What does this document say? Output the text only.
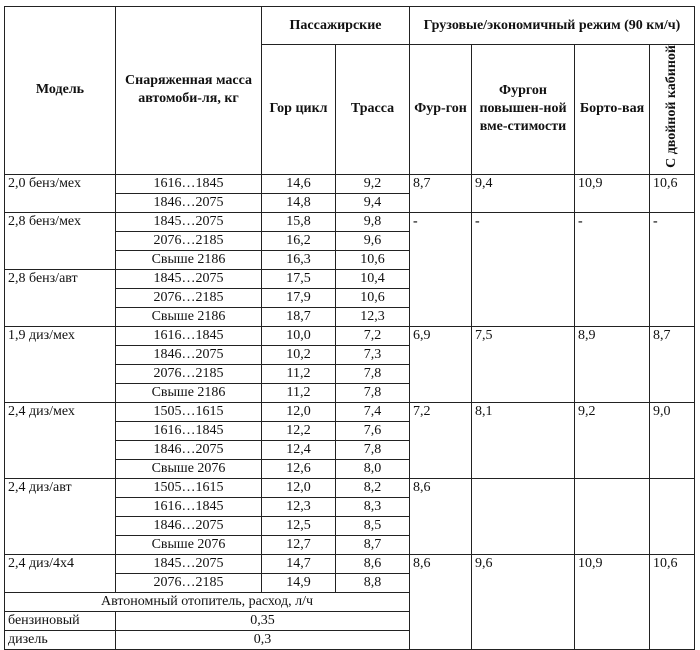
Модель	Снаряженная масса автомоби-ля, кг	Пассажирские		Грузовые/экономичный режим (90 км/ч)			
		Гор цикл	Трасса	Фур-гон	Фургон повышен-ной вме-стимости	Борто-вая	С двойной кабиной
2,0 бенз/мех	1616…1845	14,6	9,2	8,7	9,4	10,9	10,6
	1846…2075	14,8	9,4				
2,8 бенз/мех	1845…2075	15,8	9,8	-	-	-	-
	2076…2185	16,2	9,6				
	Свыше 2186	16,3	10,6				
2,8 бенз/авт	1845…2075	17,5	10,4				
	2076…2185	17,9	10,6				
	Свыше 2186	18,7	12,3				
1,9 диз/мех	1616…1845	10,0	7,2	6,9	7,5	8,9	8,7
	1846…2075	10,2	7,3				
	2076…2185	11,2	7,8				
	Свыше 2186	11,2	7,8				
2,4 диз/мех	1505…1615	12,0	7,4	7,2	8,1	9,2	9,0
	1616…1845	12,2	7,6				
	1846…2075	12,4	7,8				
	Свыше 2076	12,6	8,0				
2,4 диз/авт	1505…1615	12,0	8,2	8,6			
	1616…1845	12,3	8,3				
	1846…2075	12,5	8,5				
	Свыше 2076	12,7	8,7				
2,4 диз/4x4	1845…2075	14,7	8,6	8,6	9,6	10,9	10,6
	2076…2185	14,9	8,8				
Автономный отопитель, расход, л/ч							
бензиновый	0,35						
дизель	0,3						
